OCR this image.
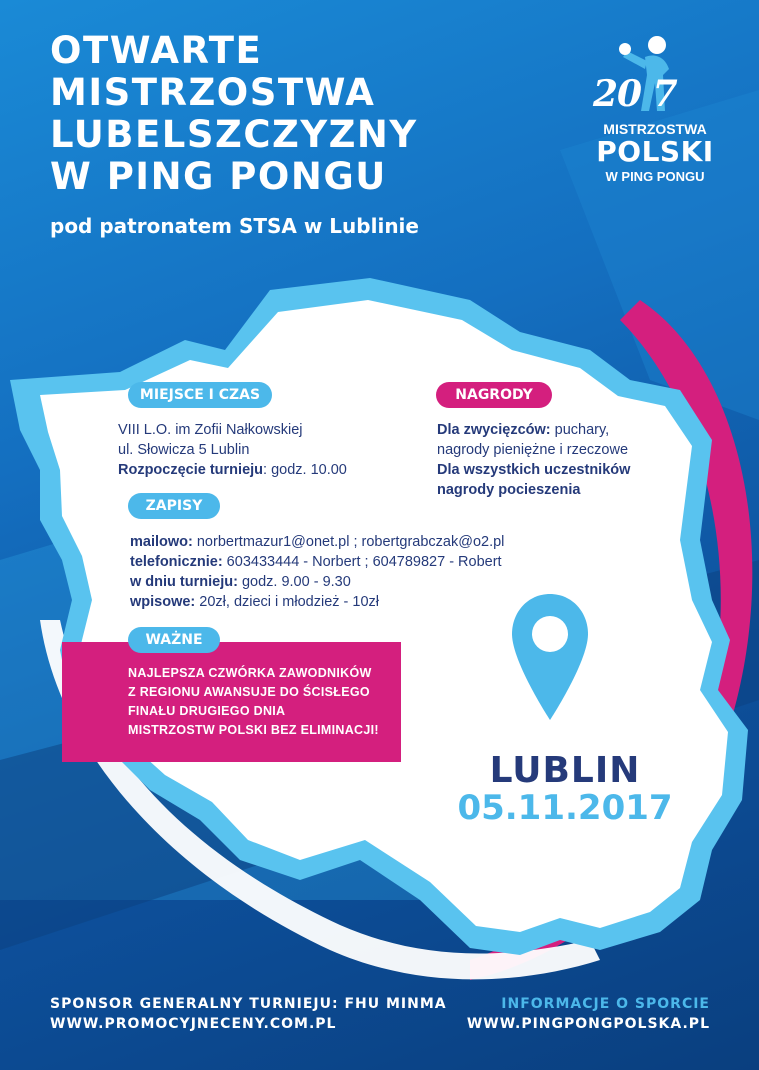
OTWARTE
MISTRZOSTWA
LUBELSZCZYZNY
W PING PONGU
pod patronatem STSA w Lublinie
20 7
MISTRZOSTWA
POLSKI
W PING PONGU
MIEJSCE I CZAS
VIII L.O. im Zofii Nałkowskiej
ul. Słowicza 5 Lublin
Rozpoczęcie turnieju: godz. 10.00
NAGRODY
Dla zwycięzców: puchary,
nagrody pieniężne i rzeczowe
Dla wszystkich uczestników
nagrody pocieszenia
ZAPISY
mailowo: norbertmazur1@onet.pl ; robertgrabczak@o2.pl
telefonicznie: 603433444 - Norbert ; 604789827 - Robert
w dniu turnieju: godz. 9.00 - 9.30
wpisowe: 20zł, dzieci i młodzież - 10zł
WAŻNE
NAJLEPSZA CZWÓRKA ZAWODNIKÓW
Z REGIONU AWANSUJE DO ŚCISŁEGO
FINAŁU DRUGIEGO DNIA
MISTRZOSTW POLSKI BEZ ELIMINACJI!
LUBLIN
05.11.2017
SPONSOR GENERALNY TURNIEJU: FHU MINMA
WWW.PROMOCYJNECENY.COM.PL
INFORMACJE O SPORCIE
WWW.PINGPONGPOLSKA.PL
